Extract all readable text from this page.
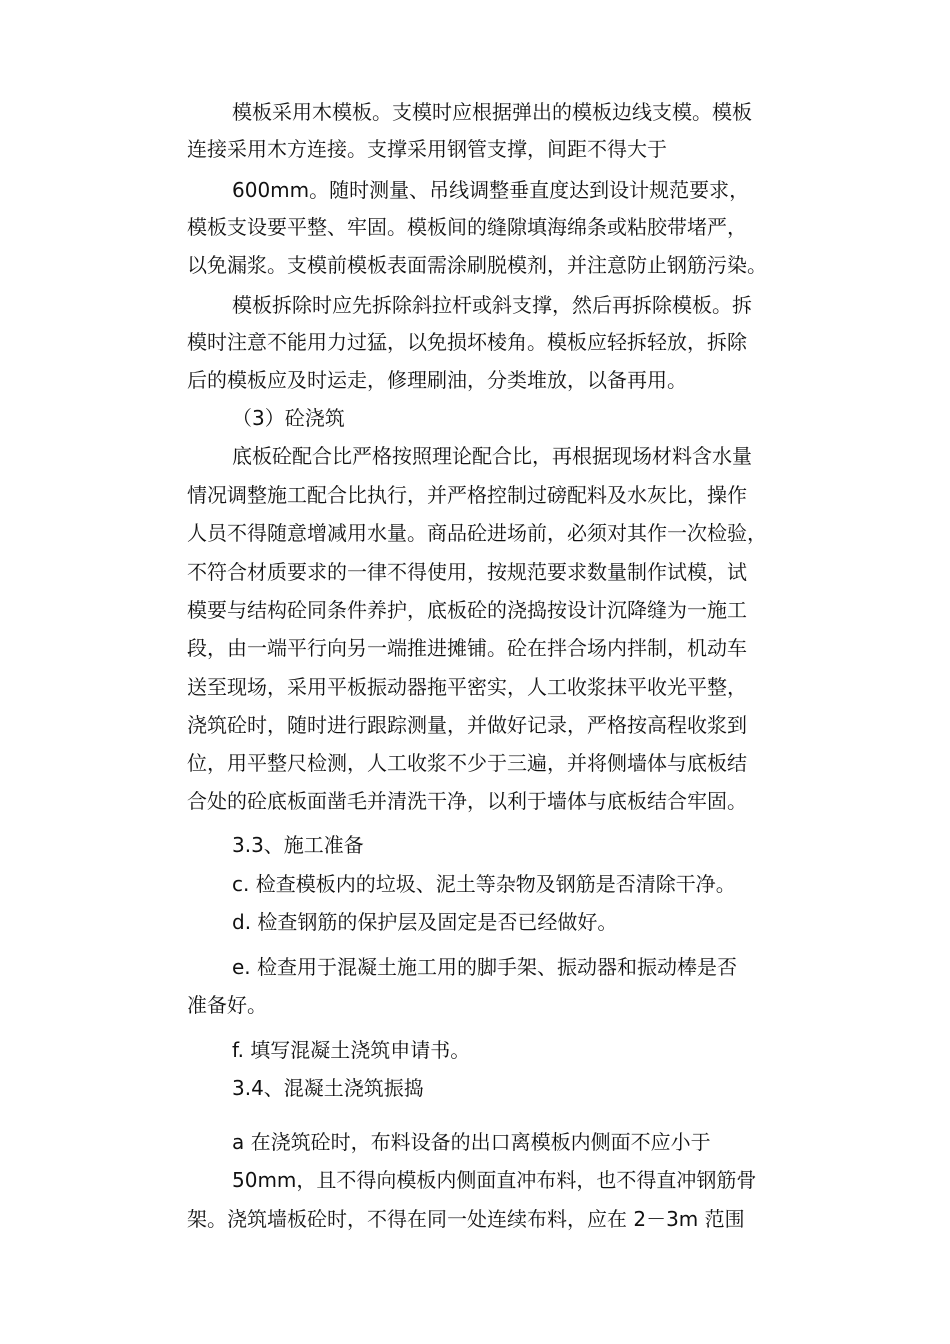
模板采用木模板。支模时应根据弹出的模板边线支模。模板
连接采用木方连接。支撑采用钢管支撑，间距不得大于
600mm。随时测量、吊线调整垂直度达到设计规范要求，
模板支设要平整、牢固。模板间的缝隙填海绵条或粘胶带堵严，
以免漏浆。支模前模板表面需涂刷脱模剂，并注意防止钢筋污染。
模板拆除时应先拆除斜拉杆或斜支撑，然后再拆除模板。拆
模时注意不能用力过猛，以免损坏棱角。模板应轻拆轻放，拆除
后的模板应及时运走，修理刷油，分类堆放，以备再用。
（3）砼浇筑
底板砼配合比严格按照理论配合比，再根据现场材料含水量
情况调整施工配合比执行，并严格控制过磅配料及水灰比，操作
人员不得随意增减用水量。商品砼进场前，必须对其作一次检验，
不符合材质要求的一律不得使用，按规范要求数量制作试模，试
模要与结构砼同条件养护，底板砼的浇捣按设计沉降缝为一施工
段，由一端平行向另一端推进摊铺。砼在拌合场内拌制，机动车
送至现场，采用平板振动器拖平密实，人工收浆抹平收光平整，
浇筑砼时，随时进行跟踪测量，并做好记录，严格按高程收浆到
位，用平整尺检测，人工收浆不少于三遍，并将侧墙体与底板结
合处的砼底板面凿毛并清洗干净，以利于墙体与底板结合牢固。
3.3、施工准备
c. 检查模板内的垃圾、泥土等杂物及钢筋是否清除干净。
d. 检查钢筋的保护层及固定是否已经做好。
e. 检查用于混凝土施工用的脚手架、振动器和振动棒是否
准备好。
f. 填写混凝土浇筑申请书。
3.4、混凝土浇筑振捣
a 在浇筑砼时，布料设备的出口离模板内侧面不应小于
50mm，且不得向模板内侧面直冲布料，也不得直冲钢筋骨
架。浇筑墙板砼时，不得在同一处连续布料，应在 2－3m 范围
